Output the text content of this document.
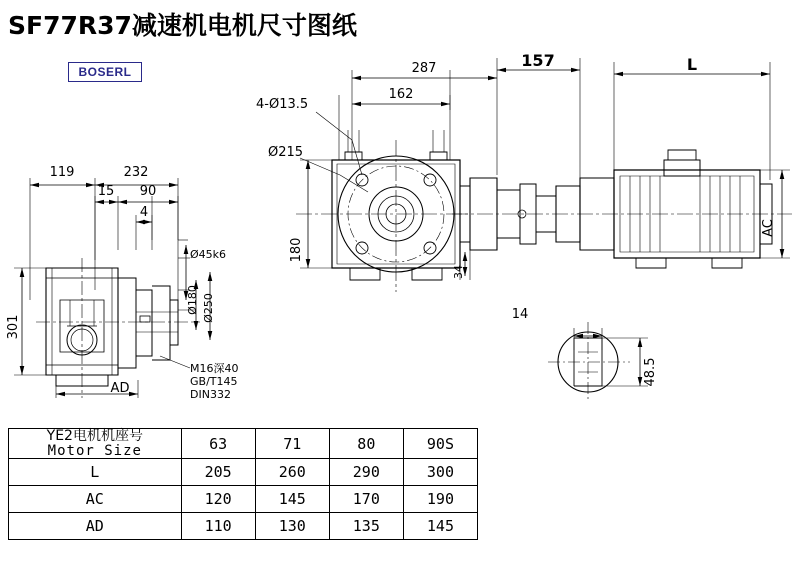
SF77R37减速机电机尺寸图纸
BOSERL
119	232
15 90
4
301
AD
Ø45k6
Ø180 Ø250
M16深40
GB/T145
DIN332
287
162
157	L
4-Ø13.5
Ø215
180
34
AC
14
48.5
YE2电机机座号
Motor Size	63	71	80	90S
L	205	260	290	300
AC	120	145	170	190
AD	110	130	135	145
